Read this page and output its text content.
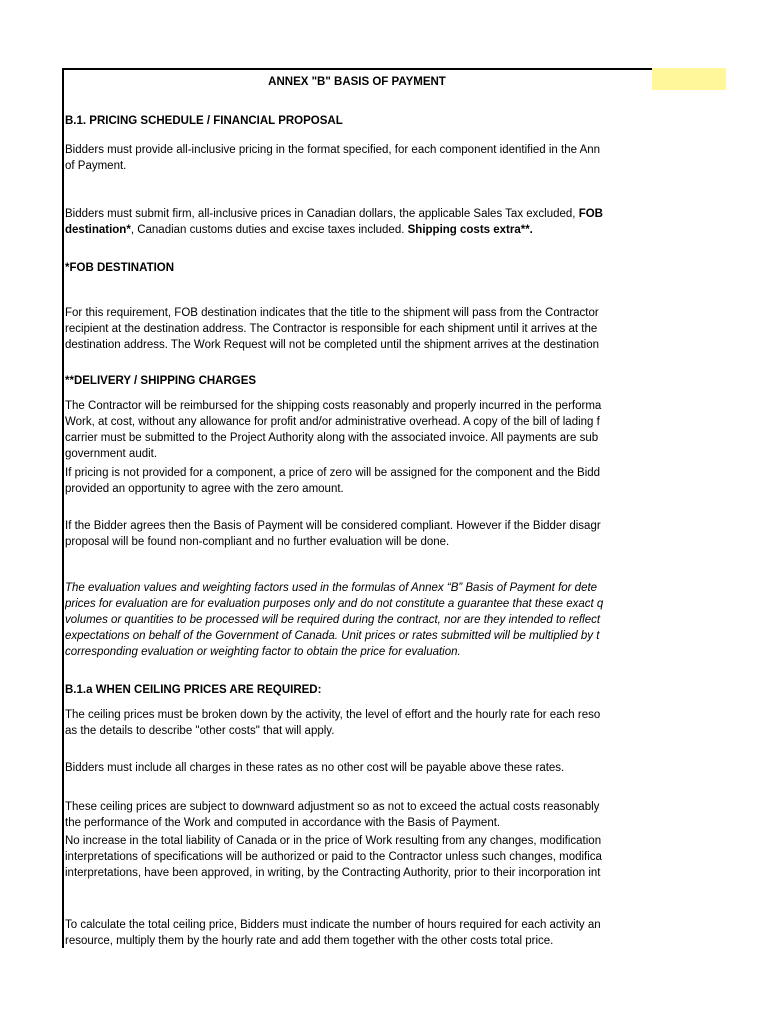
ANNEX "B" BASIS OF PAYMENT
B.1. PRICING SCHEDULE / FINANCIAL PROPOSAL
Bidders must provide all-inclusive pricing in the format specified, for each component identified in the Ann
of Payment.
Bidders must submit firm, all-inclusive prices in Canadian dollars, the applicable Sales Tax excluded, FOB
destination*, Canadian customs duties and excise taxes included. Shipping costs extra**.
*FOB DESTINATION
For this requirement, FOB destination indicates that the title to the shipment will pass from the Contractor
recipient at the destination address. The Contractor is responsible for each shipment until it arrives at the
destination address. The Work Request will not be completed until the shipment arrives at the destination
**DELIVERY / SHIPPING CHARGES
The Contractor will be reimbursed for the shipping costs reasonably and properly incurred in the performa
Work, at cost, without any allowance for profit and/or administrative overhead. A copy of the bill of lading f
carrier must be submitted to the Project Authority along with the associated invoice. All payments are sub
government audit.
If pricing is not provided for a component, a price of zero will be assigned for the component and the Bidd
provided an opportunity to agree with the zero amount.
If the Bidder agrees then the Basis of Payment will be considered compliant. However if the Bidder disagr
proposal will be found non-compliant and no further evaluation will be done.
The evaluation values and weighting factors used in the formulas of Annex “B” Basis of Payment for dete
prices for evaluation are for evaluation purposes only and do not constitute a guarantee that these exact q
volumes or quantities to be processed will be required during the contract, nor are they intended to reflect
expectations on behalf of the Government of Canada. Unit prices or rates submitted will be multiplied by t
corresponding evaluation or weighting factor to obtain the price for evaluation.
B.1.a WHEN CEILING PRICES ARE REQUIRED:
The ceiling prices must be broken down by the activity, the level of effort and the hourly rate for each reso
as the details to describe "other costs" that will apply.
Bidders must include all charges in these rates as no other cost will be payable above these rates.
These ceiling prices are subject to downward adjustment so as not to exceed the actual costs reasonably
the performance of the Work and computed in accordance with the Basis of Payment.
No increase in the total liability of Canada or in the price of Work resulting from any changes, modification
interpretations of specifications will be authorized or paid to the Contractor unless such changes, modifica
interpretations, have been approved, in writing, by the Contracting Authority, prior to their incorporation int
To calculate the total ceiling price, Bidders must indicate the number of hours required for each activity an
resource, multiply them by the hourly rate and add them together with the other costs total price.
